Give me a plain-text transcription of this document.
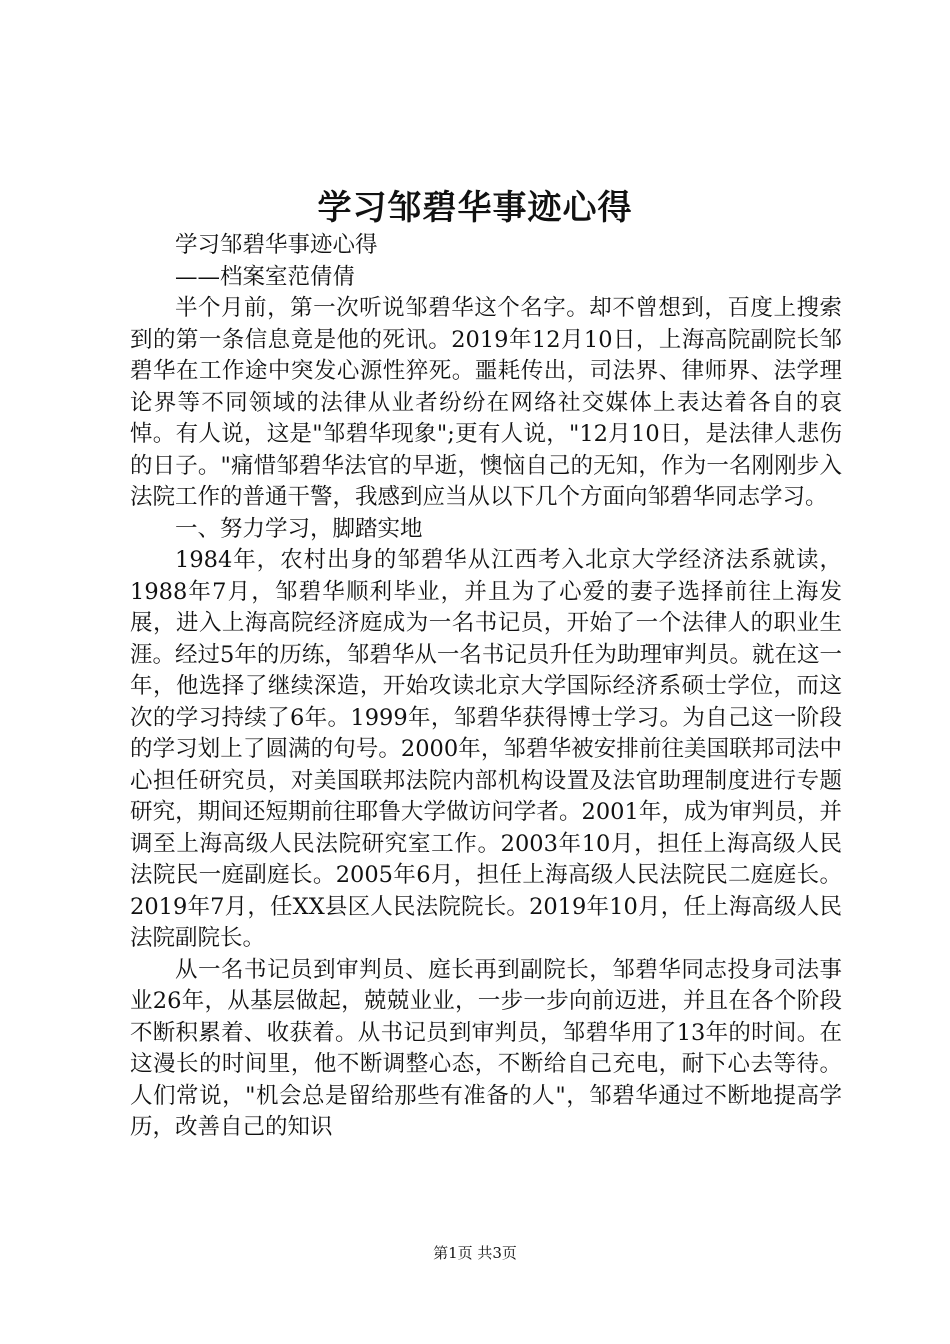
学习邹碧华事迹心得

学习邹碧华事迹心得

——档案室范倩倩

半个月前，第一次听说邹碧华这个名字。却不曾想到，百度上搜索到的第一条信息竟是他的死讯。2019年12月10日，上海高院副院长邹碧华在工作途中突发心源性猝死。噩耗传出，司法界、律师界、法学理论界等不同领域的法律从业者纷纷在网络社交媒体上表达着各自的哀悼。有人说，这是"邹碧华现象";更有人说，"12月10日，是法律人悲伤的日子。"痛惜邹碧华法官的早逝，懊恼自己的无知，作为一名刚刚步入法院工作的普通干警，我感到应当从以下几个方面向邹碧华同志学习。

一、努力学习，脚踏实地

1984年，农村出身的邹碧华从江西考入北京大学经济法系就读，1988年7月，邹碧华顺利毕业，并且为了心爱的妻子选择前往上海发展，进入上海高院经济庭成为一名书记员，开始了一个法律人的职业生涯。经过5年的历练，邹碧华从一名书记员升任为助理审判员。就在这一年，他选择了继续深造，开始攻读北京大学国际经济系硕士学位，而这次的学习持续了6年。1999年，邹碧华获得博士学习。为自己这一阶段的学习划上了圆满的句号。2000年，邹碧华被安排前往美国联邦司法中心担任研究员，对美国联邦法院内部机构设置及法官助理制度进行专题研究，期间还短期前往耶鲁大学做访问学者。2001年，成为审判员，并调至上海高级人民法院研究室工作。2003年10月，担任上海高级人民法院民一庭副庭长。2005年6月，担任上海高级人民法院民二庭庭长。2019年7月，任XX县区人民法院院长。2019年10月，任上海高级人民法院副院长。

从一名书记员到审判员、庭长再到副院长，邹碧华同志投身司法事业26年，从基层做起，兢兢业业，一步一步向前迈进，并且在各个阶段不断积累着、收获着。从书记员到审判员，邹碧华用了13年的时间。在这漫长的时间里，他不断调整心态，不断给自己充电，耐下心去等待。人们常说，"机会总是留给那些有准备的人"，邹碧华通过不断地提高学历，改善自己的知识

第1页 共3页
